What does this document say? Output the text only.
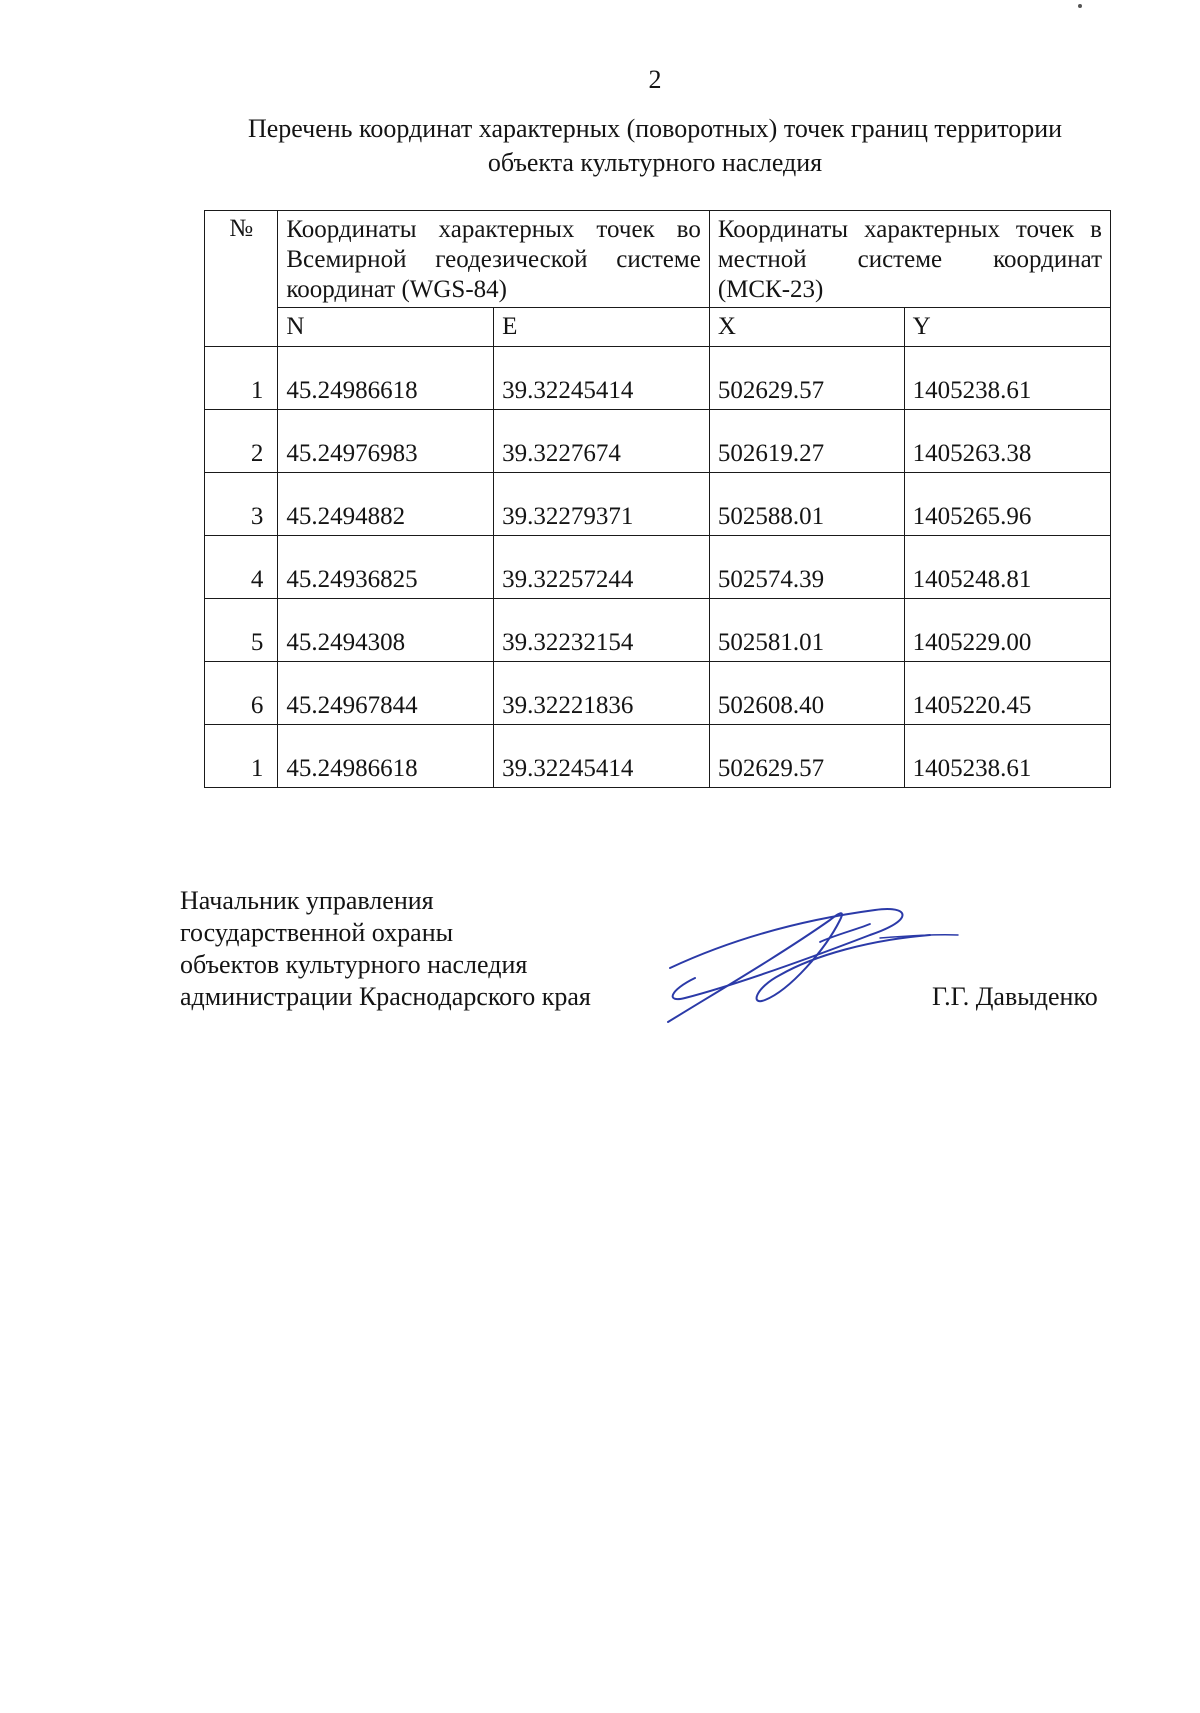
2
Перечень координат характерных (поворотных) точек границ территории
объекта культурного наследия
№	Координаты характерных точек во Всемирной геодезической системе координат (WGS-84)		Координаты характерных точек в местной системе координат (МСК-23)	
	N	E	X	Y
1	45.24986618	39.32245414	502629.57	1405238.61
2	45.24976983	39.3227674	502619.27	1405263.38
3	45.2494882	39.32279371	502588.01	1405265.96
4	45.24936825	39.32257244	502574.39	1405248.81
5	45.2494308	39.32232154	502581.01	1405229.00
6	45.24967844	39.32221836	502608.40	1405220.45
1	45.24986618	39.32245414	502629.57	1405238.61
Начальник управления
государственной охраны
объектов культурного наследия
администрации Краснодарского края	Г.Г. Давыденко
